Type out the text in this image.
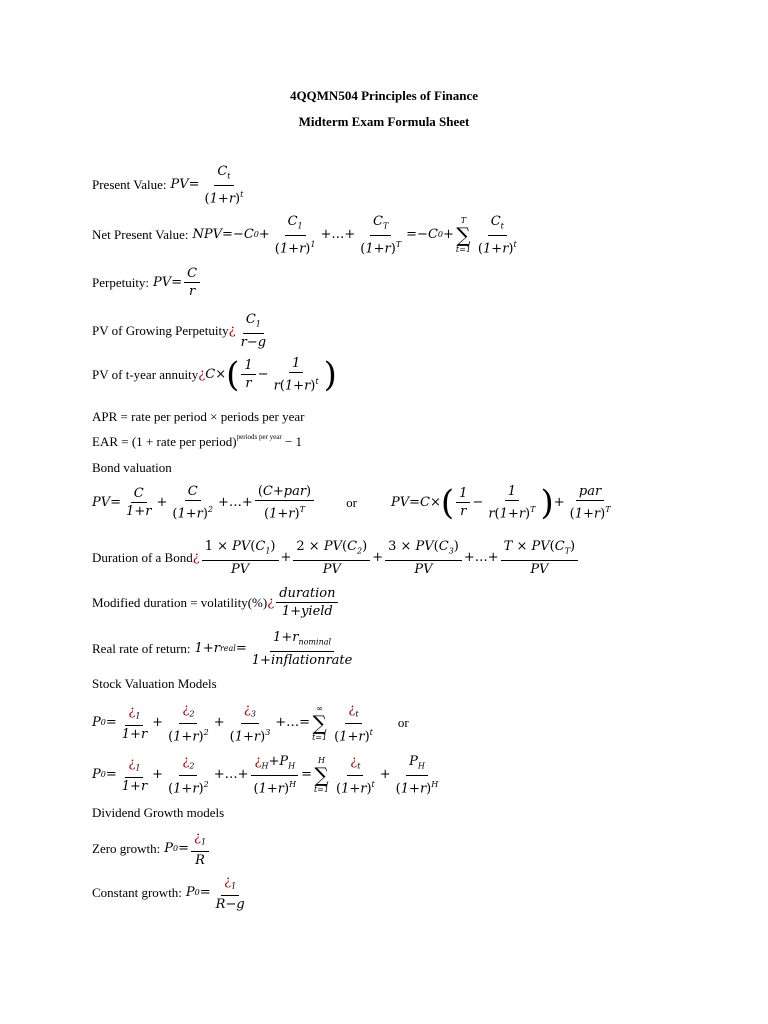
4QQMN504 Principles of Finance
Midterm Exam Formula Sheet
Present Value: PV = $\frac{C_t}{(1+r)^t}$
Net Present Value: NPV =− C $0 + \frac{C_1}{(1+r)^1}$ +…+ $\frac{C_T}{(1+r)^T} =- C$ 0 +
T
∑
$t=1 \frac{C_t}{(1+r)^t}$
Perpetuity: PV = $\frac{C}{r}$
PV of Growing Perpetuity ¿ $\frac{C_1}{r-g}$
PV of t-year annuity ¿ C × ( $\frac{1}{r} - \frac{1}{r(1+r)^t}$ )
APR = rate per period × periods per year
EAR = (1 + rate per period)$^{periods per year}$ − 1
Bond valuation
PV = $\frac{C}{1+r} + \frac{C}{(1+r)^2}$ +…+ $\frac{\text{(C+par)}}{(1+r)^T}$ or	PV = C × ( $\frac{1}{r} - \frac{1}{r(1+r)^T}$ ) + $\frac{\text{par}}{(1+r)^T}$
Duration of a Bond ¿ $\frac{1 \times PV(C_1)}{PV} + \frac{2 \times PV(C_2)}{PV} + \frac{3 \times PV(C_3)}{PV}$ +…+ $\frac{T \times PV(C_T)}{PV}$
Modified duration = volatility(%) ¿ $\frac{\text{duration}}{\text{1+yield}}$
Real rate of return: 1 + r real = $\frac{1+r_{nominal}}{\text{1+inflationrate}}$
Stock Valuation Models
P $0 = \frac{¿_1}{1+r} + \frac{¿_2}{(1+r)^2} + \frac{¿_3}{(1+r)^3}$ +…=
∞
∑
$t=1 \frac{¿_t}{(1+r)^t}$ or
P $0 = \frac{¿_1}{1+r} + \frac{¿_2}{(1+r)^2}$ +…+ $\frac{¿_H+P_H}{(1+r)^H}$ =
H
∑
$t=1 \frac{¿_t}{(1+r)^t} + \frac{P_H}{(1+r)^H}$
Dividend Growth models
Zero growth: P $0 = \frac{¿_1}{R}$
Constant growth: P $0 = \frac{¿_1}{R-g}$
